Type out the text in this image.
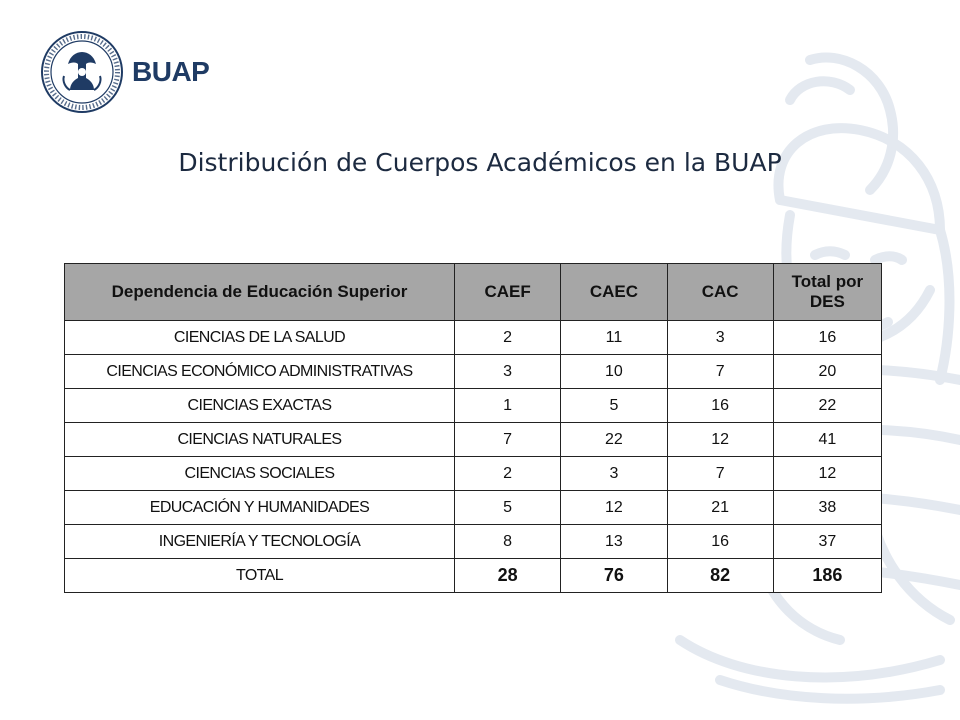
BUAP
Distribución de Cuerpos Académicos en la BUAP
Dependencia de Educación Superior	CAEF	CAEC	CAC	Total por
DES
CIENCIAS DE LA SALUD	2	11	3	16
CIENCIAS ECONÓMICO ADMINISTRATIVAS	3	10	7	20
CIENCIAS EXACTAS	1	5	16	22
CIENCIAS NATURALES	7	22	12	41
CIENCIAS SOCIALES	2	3	7	12
EDUCACIÓN Y HUMANIDADES	5	12	21	38
INGENIERÍA Y TECNOLOGÍA	8	13	16	37
TOTAL	28	76	82	186
